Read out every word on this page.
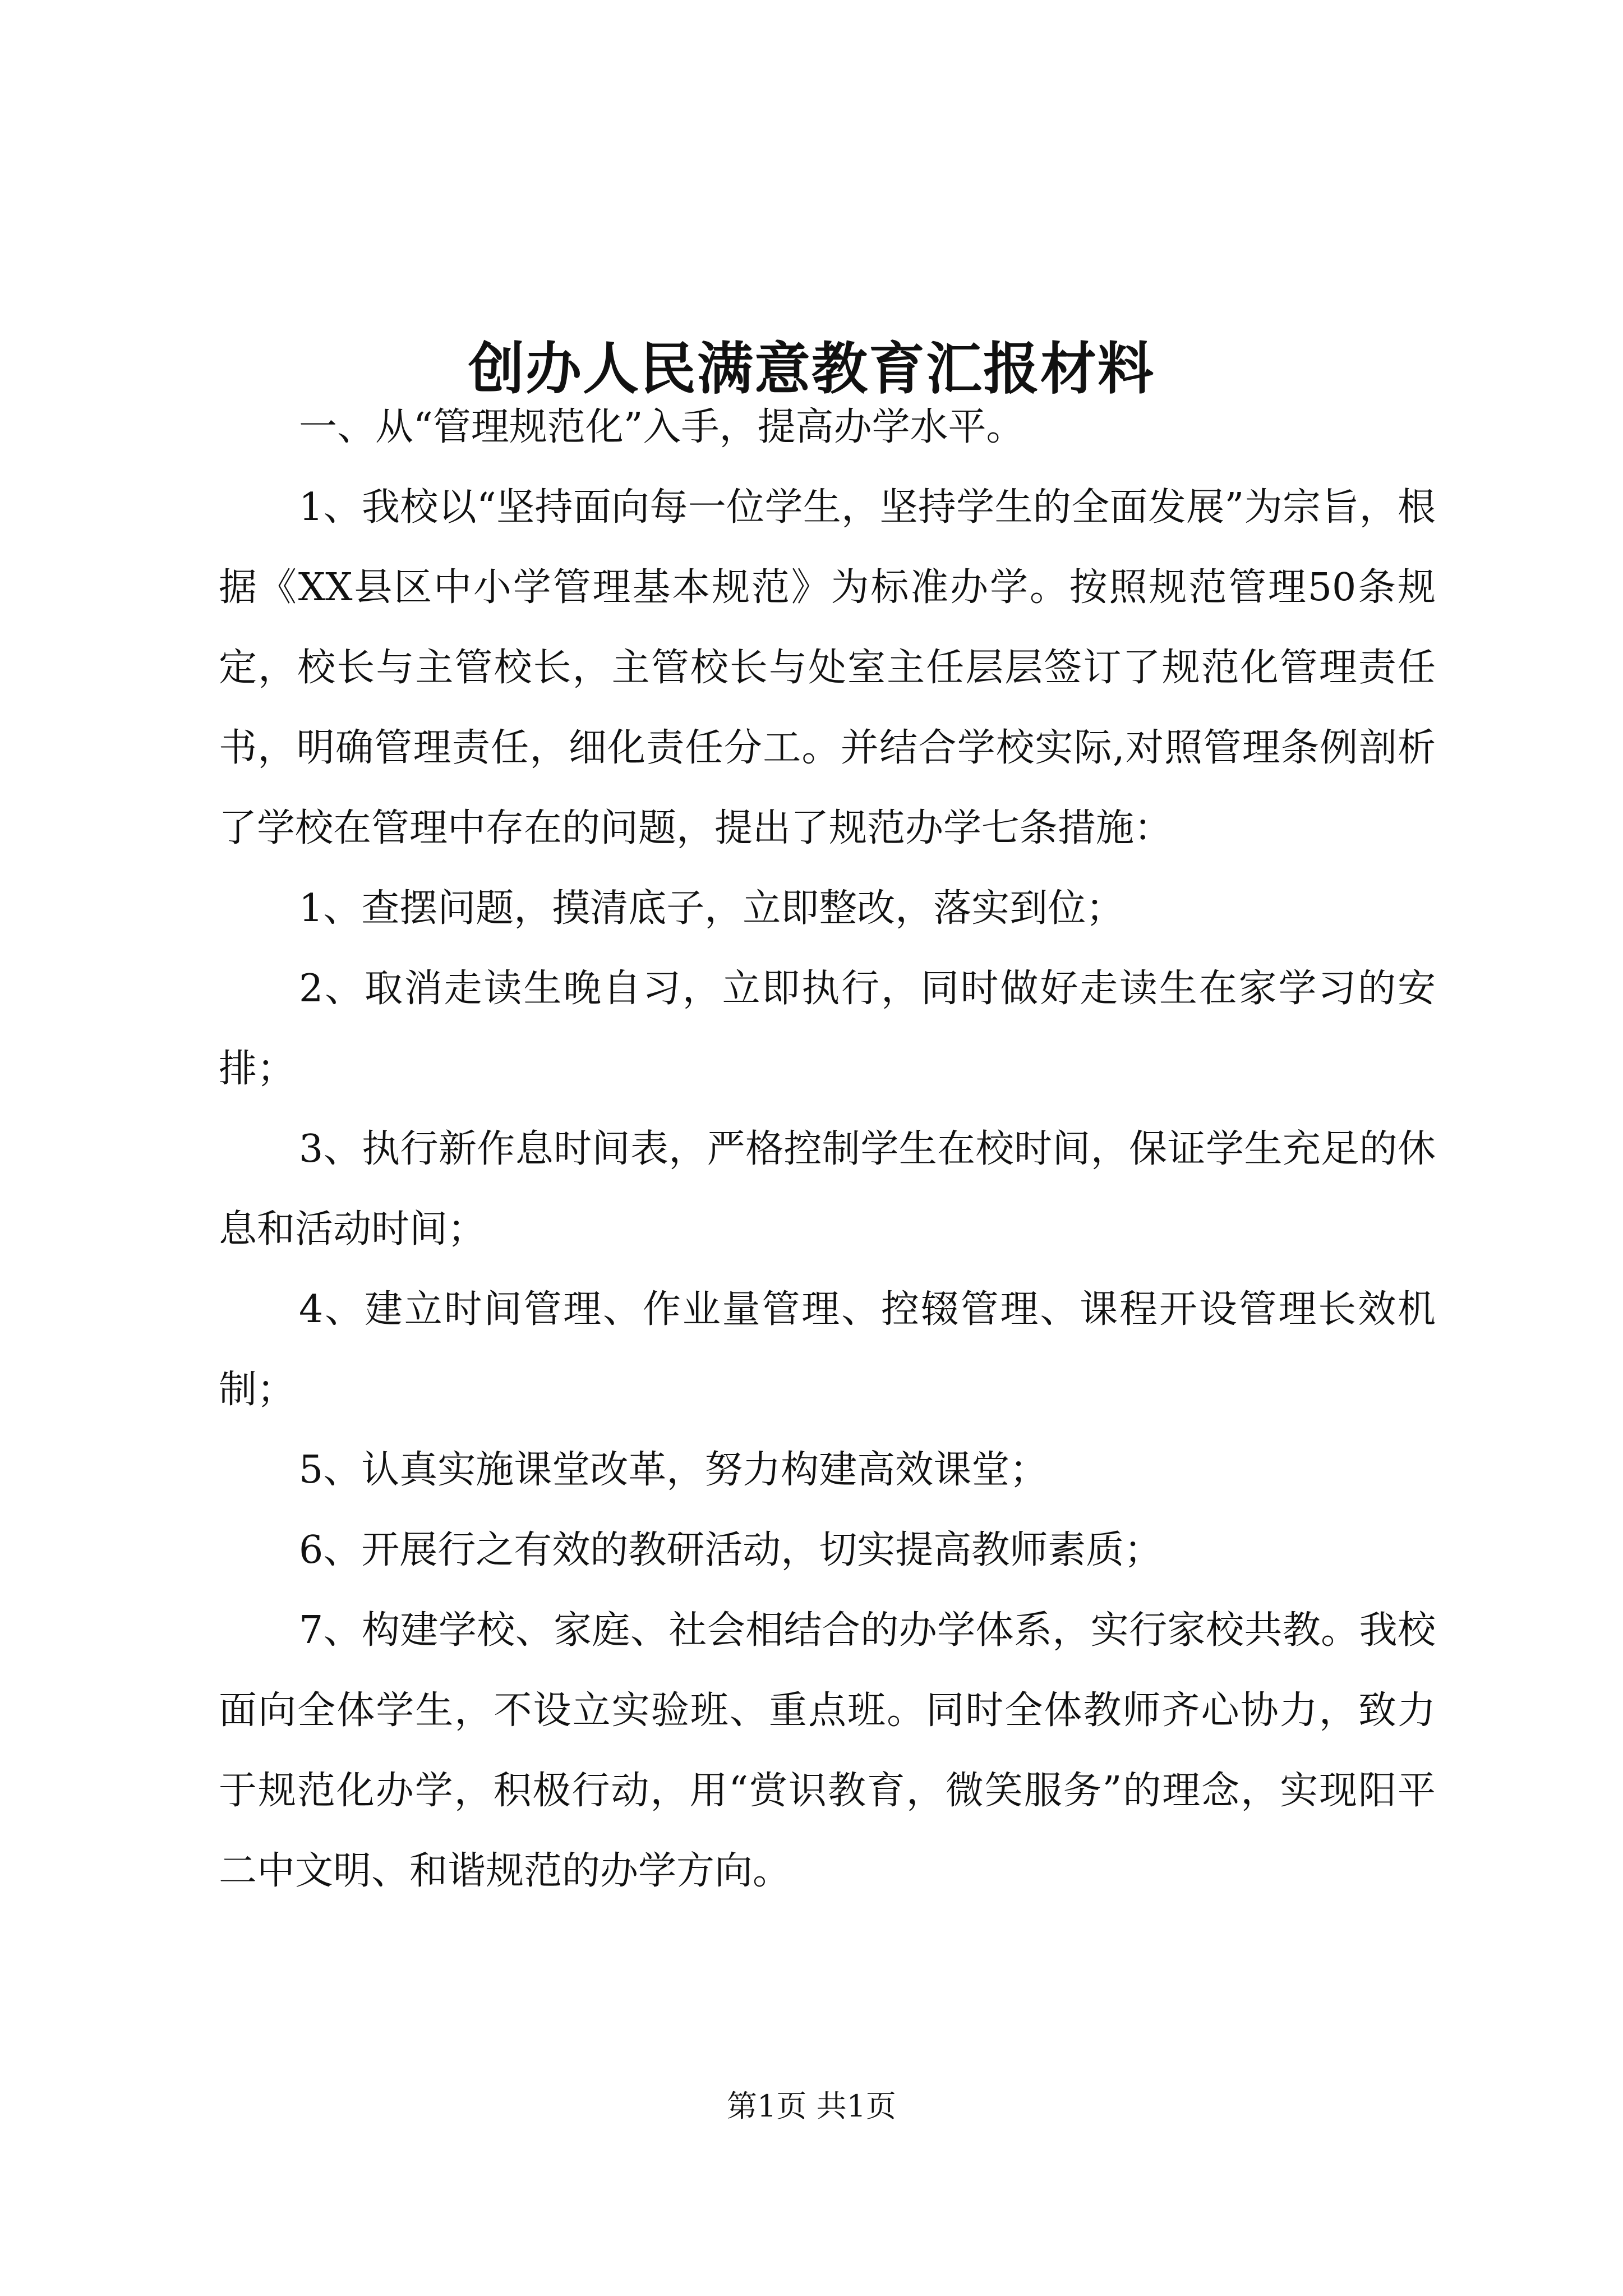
创办人民满意教育汇报材料

一、从“管理规范化”入手，提高办学水平。

1、我校以“坚持面向每一位学生，坚持学生的全面发展”为宗旨，根据《XX县区中小学管理基本规范》为标准办学。按照规范管理50条规定，校长与主管校长，主管校长与处室主任层层签订了规范化管理责任书，明确管理责任，细化责任分工。并结合学校实际,对照管理条例剖析了学校在管理中存在的问题，提出了规范办学七条措施：

1、查摆问题，摸清底子，立即整改，落实到位；

2、取消走读生晚自习，立即执行，同时做好走读生在家学习的安排；

3、执行新作息时间表，严格控制学生在校时间，保证学生充足的休息和活动时间；

4、建立时间管理、作业量管理、控辍管理、课程开设管理长效机制；

5、认真实施课堂改革，努力构建高效课堂；

6、开展行之有效的教研活动，切实提高教师素质；

7、构建学校、家庭、社会相结合的办学体系，实行家校共教。我校面向全体学生，不设立实验班、重点班。同时全体教师齐心协力，致力于规范化办学，积极行动，用“赏识教育，微笑服务”的理念，实现阳平二中文明、和谐规范的办学方向。

第1页 共1页
